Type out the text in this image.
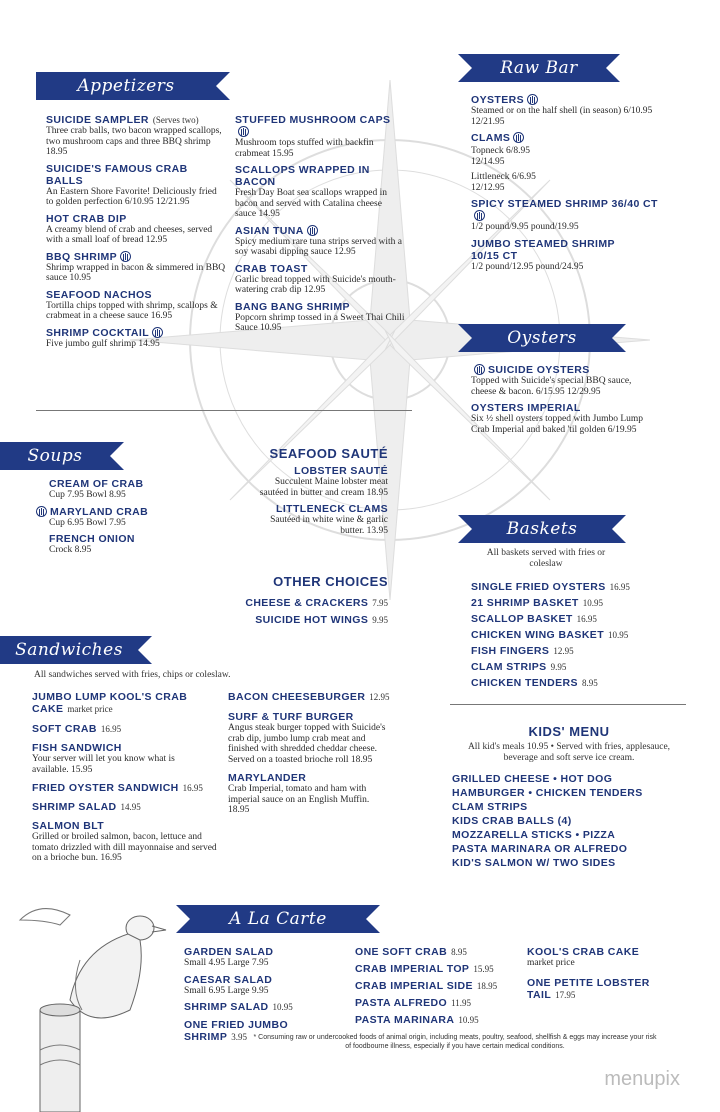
Appetizers
SUICIDE SAMPLER (Serves two)
Three crab balls, two bacon wrapped scallops, two mushroom caps and three BBQ shrimp 18.95
SUICIDE'S FAMOUS CRAB BALLS
An Eastern Shore Favorite! Deliciously fried to golden perfection 6/10.95 12/21.95
HOT CRAB DIP
A creamy blend of crab and cheeses, served with a small loaf of bread 12.95
BBQ SHRIMP
Shrimp wrapped in bacon & simmered in BBQ sauce 10.95
SEAFOOD NACHOS
Tortilla chips topped with shrimp, scallops & crabmeat in a cheese sauce 16.95
SHRIMP COCKTAIL
Five jumbo gulf shrimp 14.95
STUFFED MUSHROOM CAPS
Mushroom tops stuffed with backfin crabmeat 15.95
SCALLOPS WRAPPED IN BACON
Fresh Day Boat sea scallops wrapped in bacon and served with Catalina cheese sauce 14.95
ASIAN TUNA
Spicy medium rare tuna strips served with a soy wasabi dipping sauce 12.95
CRAB TOAST
Garlic bread topped with Suicide's mouth-watering crab dip 12.95
BANG BANG SHRIMP
Popcorn shrimp tossed in a Sweet Thai Chili Sauce 10.95
Raw Bar
OYSTERS
Steamed or on the half shell (in season) 6/10.95 12/21.95
CLAMS
Topneck 6/8.95 12/14.95
Littleneck 6/6.95 12/12.95
SPICY STEAMED SHRIMP 36/40 CT
1/2 pound/9.95 pound/19.95
JUMBO STEAMED SHRIMP 10/15 CT
1/2 pound/12.95 pound/24.95
Oysters
SUICIDE OYSTERS
Topped with Suicide's special BBQ sauce, cheese & bacon. 6/15.95 12/29.95
OYSTERS IMPERIAL
Six ½ shell oysters topped with Jumbo Lump Crab Imperial and baked 'til golden 6/19.95
Soups
CREAM OF CRAB
Cup 7.95 Bowl 8.95
MARYLAND CRAB
Cup 6.95 Bowl 7.95
FRENCH ONION
Crock 8.95
SEAFOOD SAUTÉ
LOBSTER SAUTÉ
Succulent Maine lobster meat sautéed in butter and cream 18.95
LITTLENECK CLAMS
Sautéed in white wine & garlic butter. 13.95
OTHER CHOICES
CHEESE & CRACKERS 7.95
SUICIDE HOT WINGS 9.95
Baskets
All baskets served with fries or coleslaw
SINGLE FRIED OYSTERS 16.95
21 SHRIMP BASKET 10.95
SCALLOP BASKET 16.95
CHICKEN WING BASKET 10.95
FISH FINGERS 12.95
CLAM STRIPS 9.95
CHICKEN TENDERS 8.95
Sandwiches
All sandwiches served with fries, chips or coleslaw.
JUMBO LUMP KOOL'S CRAB CAKE market price
SOFT CRAB 16.95
FISH SANDWICH
Your server will let you know what is available. 15.95
FRIED OYSTER SANDWICH 16.95
SHRIMP SALAD 14.95
SALMON BLT
Grilled or broiled salmon, bacon, lettuce and tomato drizzled with dill mayonnaise and served on a brioche bun. 16.95
BACON CHEESEBURGER 12.95
SURF & TURF BURGER
Angus steak burger topped with Suicide's crab dip, jumbo lump crab meat and finished with shredded cheddar cheese. Served on a toasted brioche roll 18.95
MARYLANDER
Crab Imperial, tomato and ham with imperial sauce on an English Muffin. 18.95
KIDS' MENU
All kid's meals 10.95 • Served with fries, applesauce, beverage and soft serve ice cream.
GRILLED CHEESE • HOT DOG
HAMBURGER • CHICKEN TENDERS
CLAM STRIPS
KIDS CRAB BALLS (4)
MOZZARELLA STICKS • PIZZA
PASTA MARINARA OR ALFREDO
KID'S SALMON W/ TWO SIDES
A La Carte
GARDEN SALAD
Small 4.95 Large 7.95
CAESAR SALAD
Small 6.95 Large 9.95
SHRIMP SALAD 10.95
ONE FRIED JUMBO SHRIMP 3.95
ONE SOFT CRAB 8.95
CRAB IMPERIAL TOP 15.95
CRAB IMPERIAL SIDE 18.95
PASTA ALFREDO 11.95
PASTA MARINARA 10.95
KOOL'S CRAB CAKE
market price
ONE PETITE LOBSTER TAIL 17.95
* Consuming raw or undercooked foods of animal origin, including meats, poultry, seafood, shellfish & eggs may increase your risk of foodbourne illness, especially if you have certain medical conditions.
menupix
